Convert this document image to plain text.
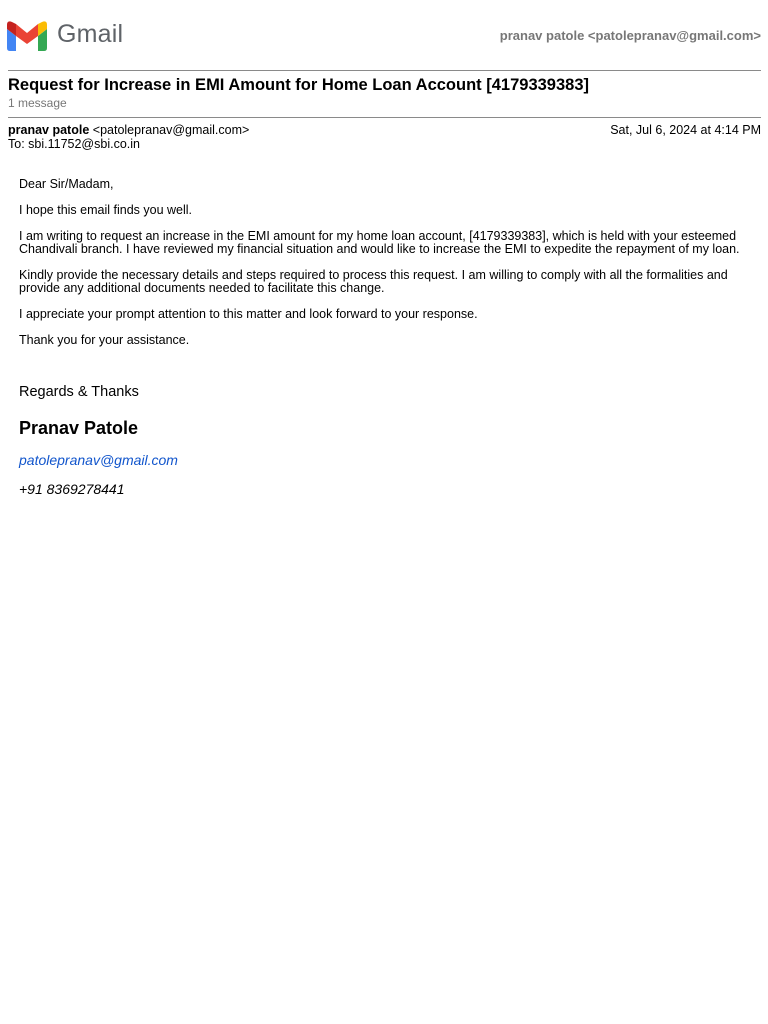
Gmail	pranav patole <patolepranav@gmail.com>
Request for Increase in EMI Amount for Home Loan Account [4179339383]
1 message
pranav patole <patolepranav@gmail.com>	Sat, Jul 6, 2024 at 4:14 PM
To: sbi.11752@sbi.co.in

Dear Sir/Madam,

I hope this email finds you well.

I am writing to request an increase in the EMI amount for my home loan account, [4179339383], which is held with your esteemed Chandivali branch. I have reviewed my financial situation and would like to increase the EMI to expedite the repayment of my loan.

Kindly provide the necessary details and steps required to process this request. I am willing to comply with all the formalities and provide any additional documents needed to facilitate this change.

I appreciate your prompt attention to this matter and look forward to your response.

Thank you for your assistance.

Regards & Thanks
Pranav Patole
patolepranav@gmail.com
+91 8369278441
